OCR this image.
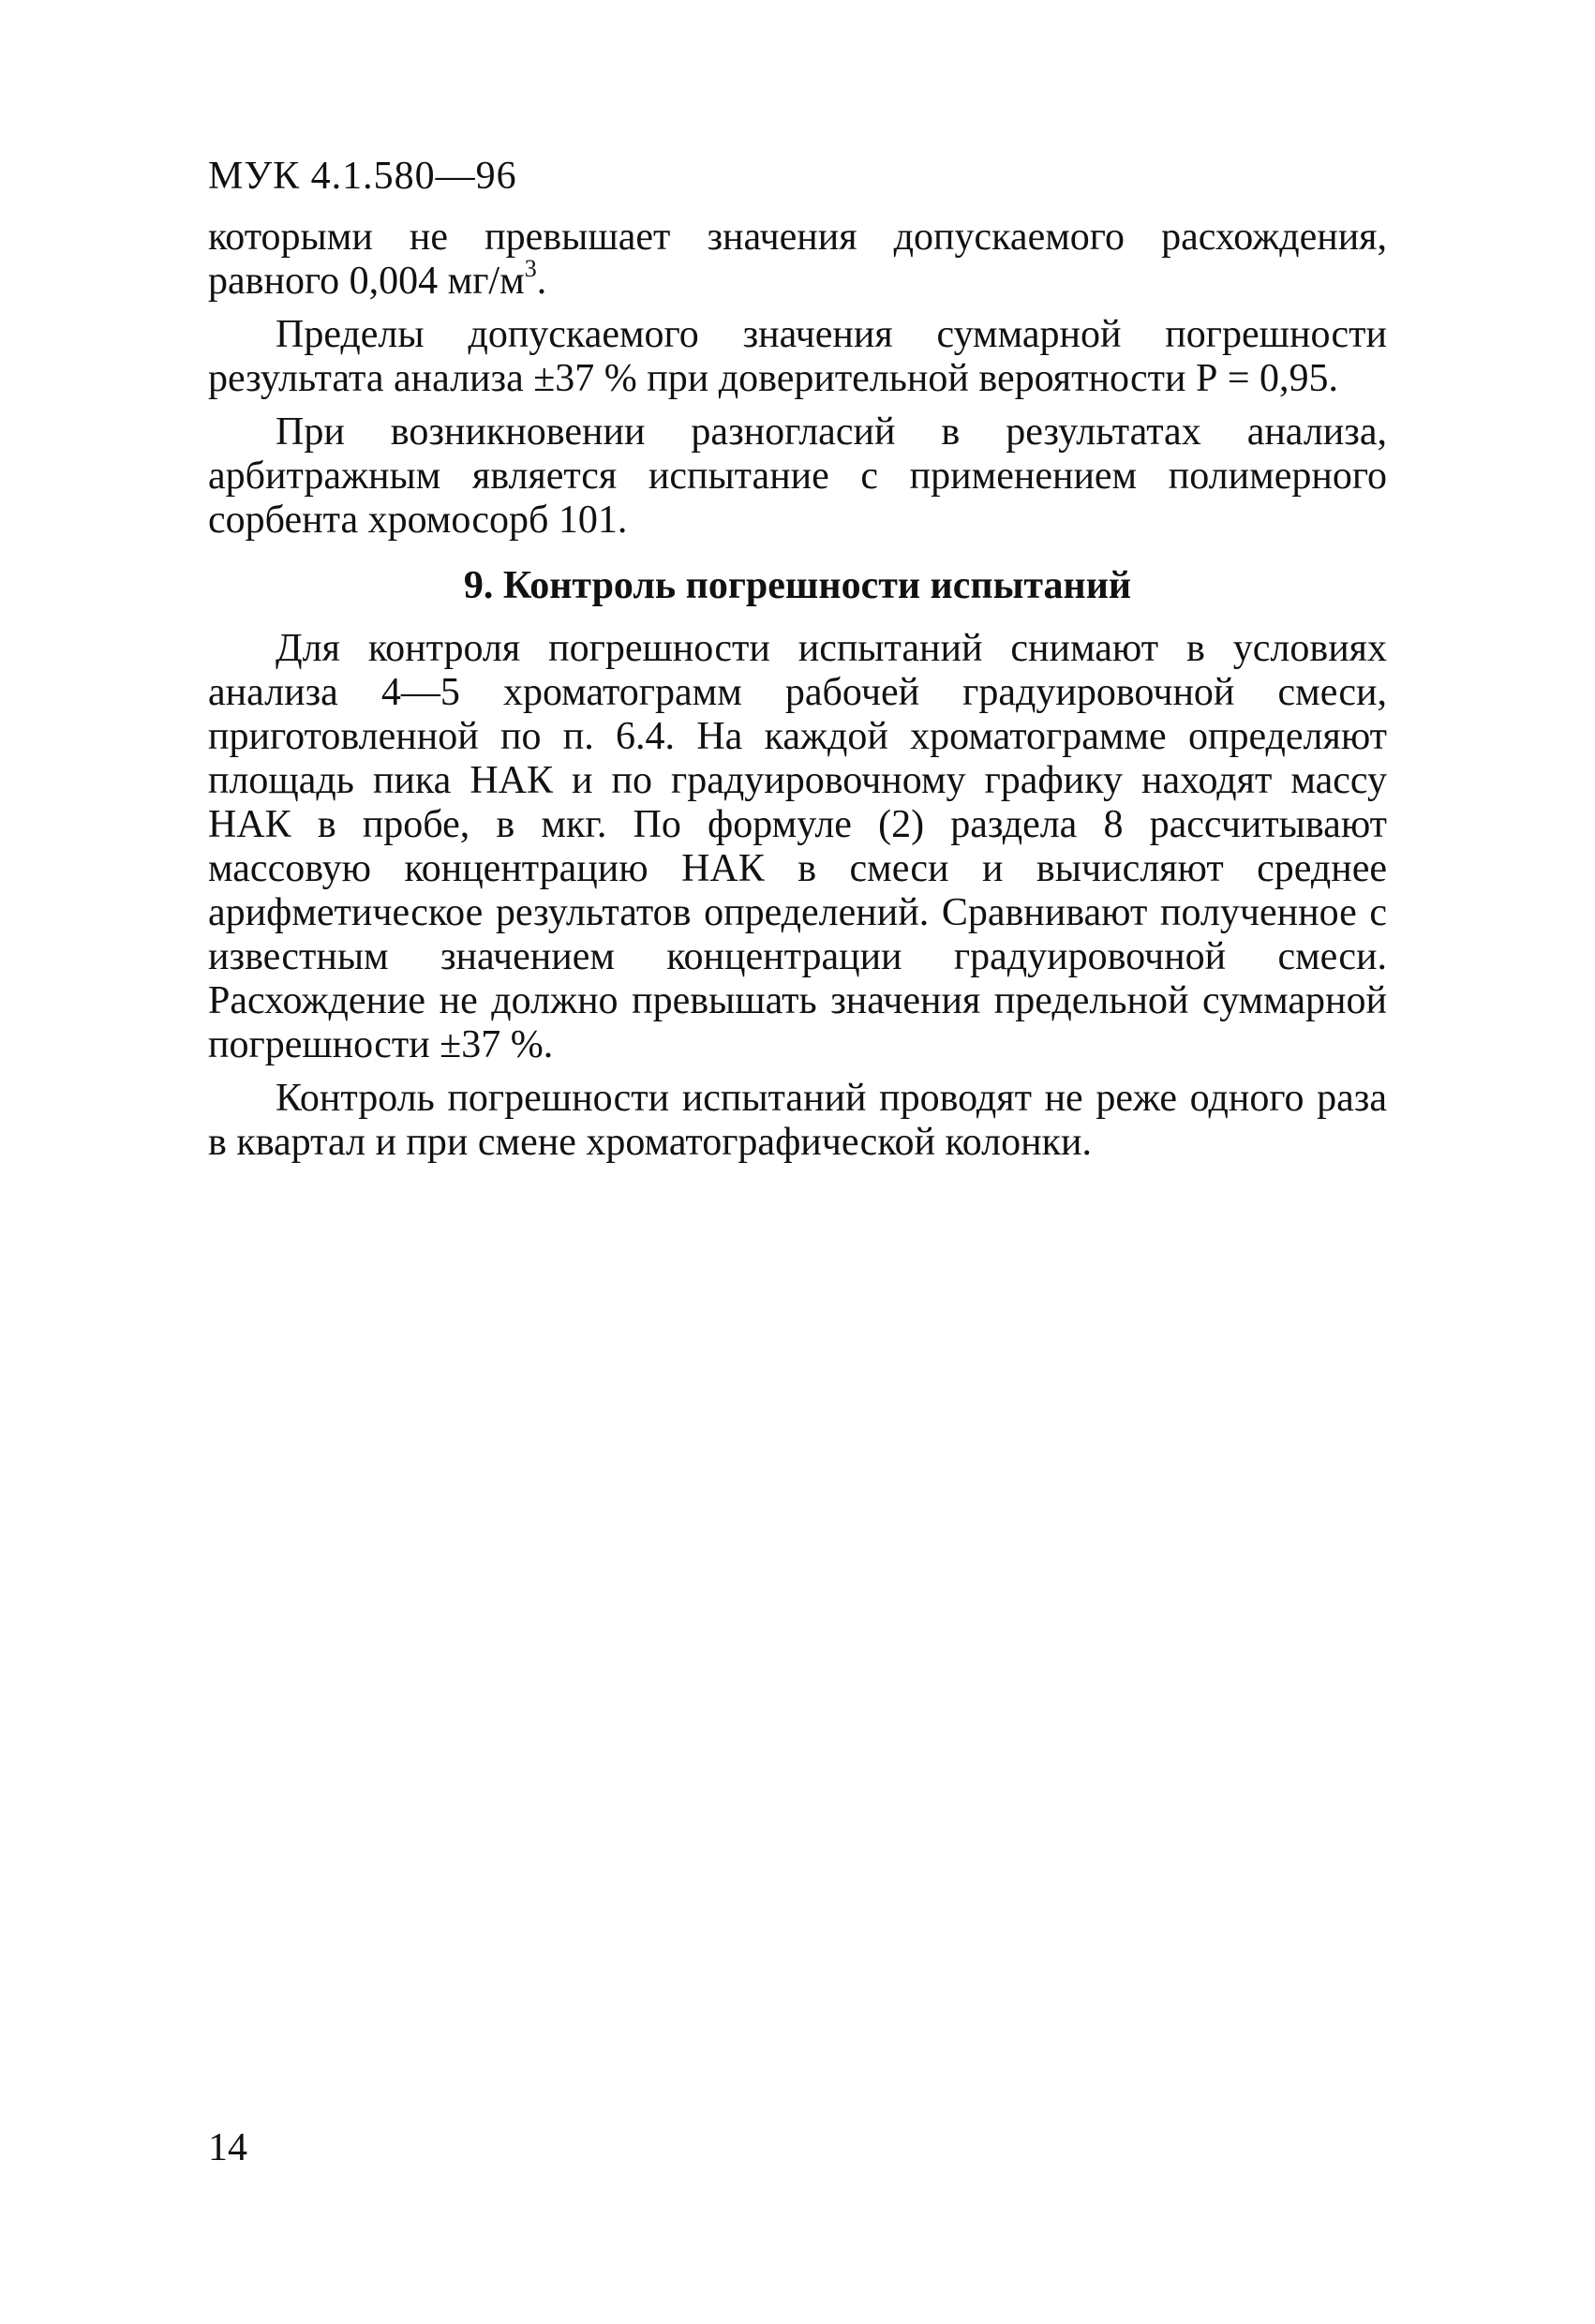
МУК 4.1.580—96

которыми не превышает значения допускаемого расхождения, равного 0,004 $мг/м^3$.

Пределы допускаемого значения суммарной погрешности результата анализа ±37 % при доверительной вероятности Р = 0,95.

При возникновении разногласий в результатах анализа, арбитражным является испытание с применением полимерного сорбента хромосорб 101.

9. Контроль погрешности испытаний

Для контроля погрешности испытаний снимают в условиях анализа 4—5 хроматограмм рабочей градуировочной смеси, приготовленной по п. 6.4. На каждой хроматограмме определяют площадь пика НАК и по градуировочному графику находят массу НАК в пробе, в мкг. По формуле (2) раздела 8 рассчитывают массовую концентрацию НАК в смеси и вычисляют среднее арифметическое результатов определений. Сравнивают полученное с известным значением концентрации градуировочной смеси. Расхождение не должно превышать значения предельной суммарной погрешности ±37 %.

Контроль погрешности испытаний проводят не реже одного раза в квартал и при смене хроматографической колонки.

14
